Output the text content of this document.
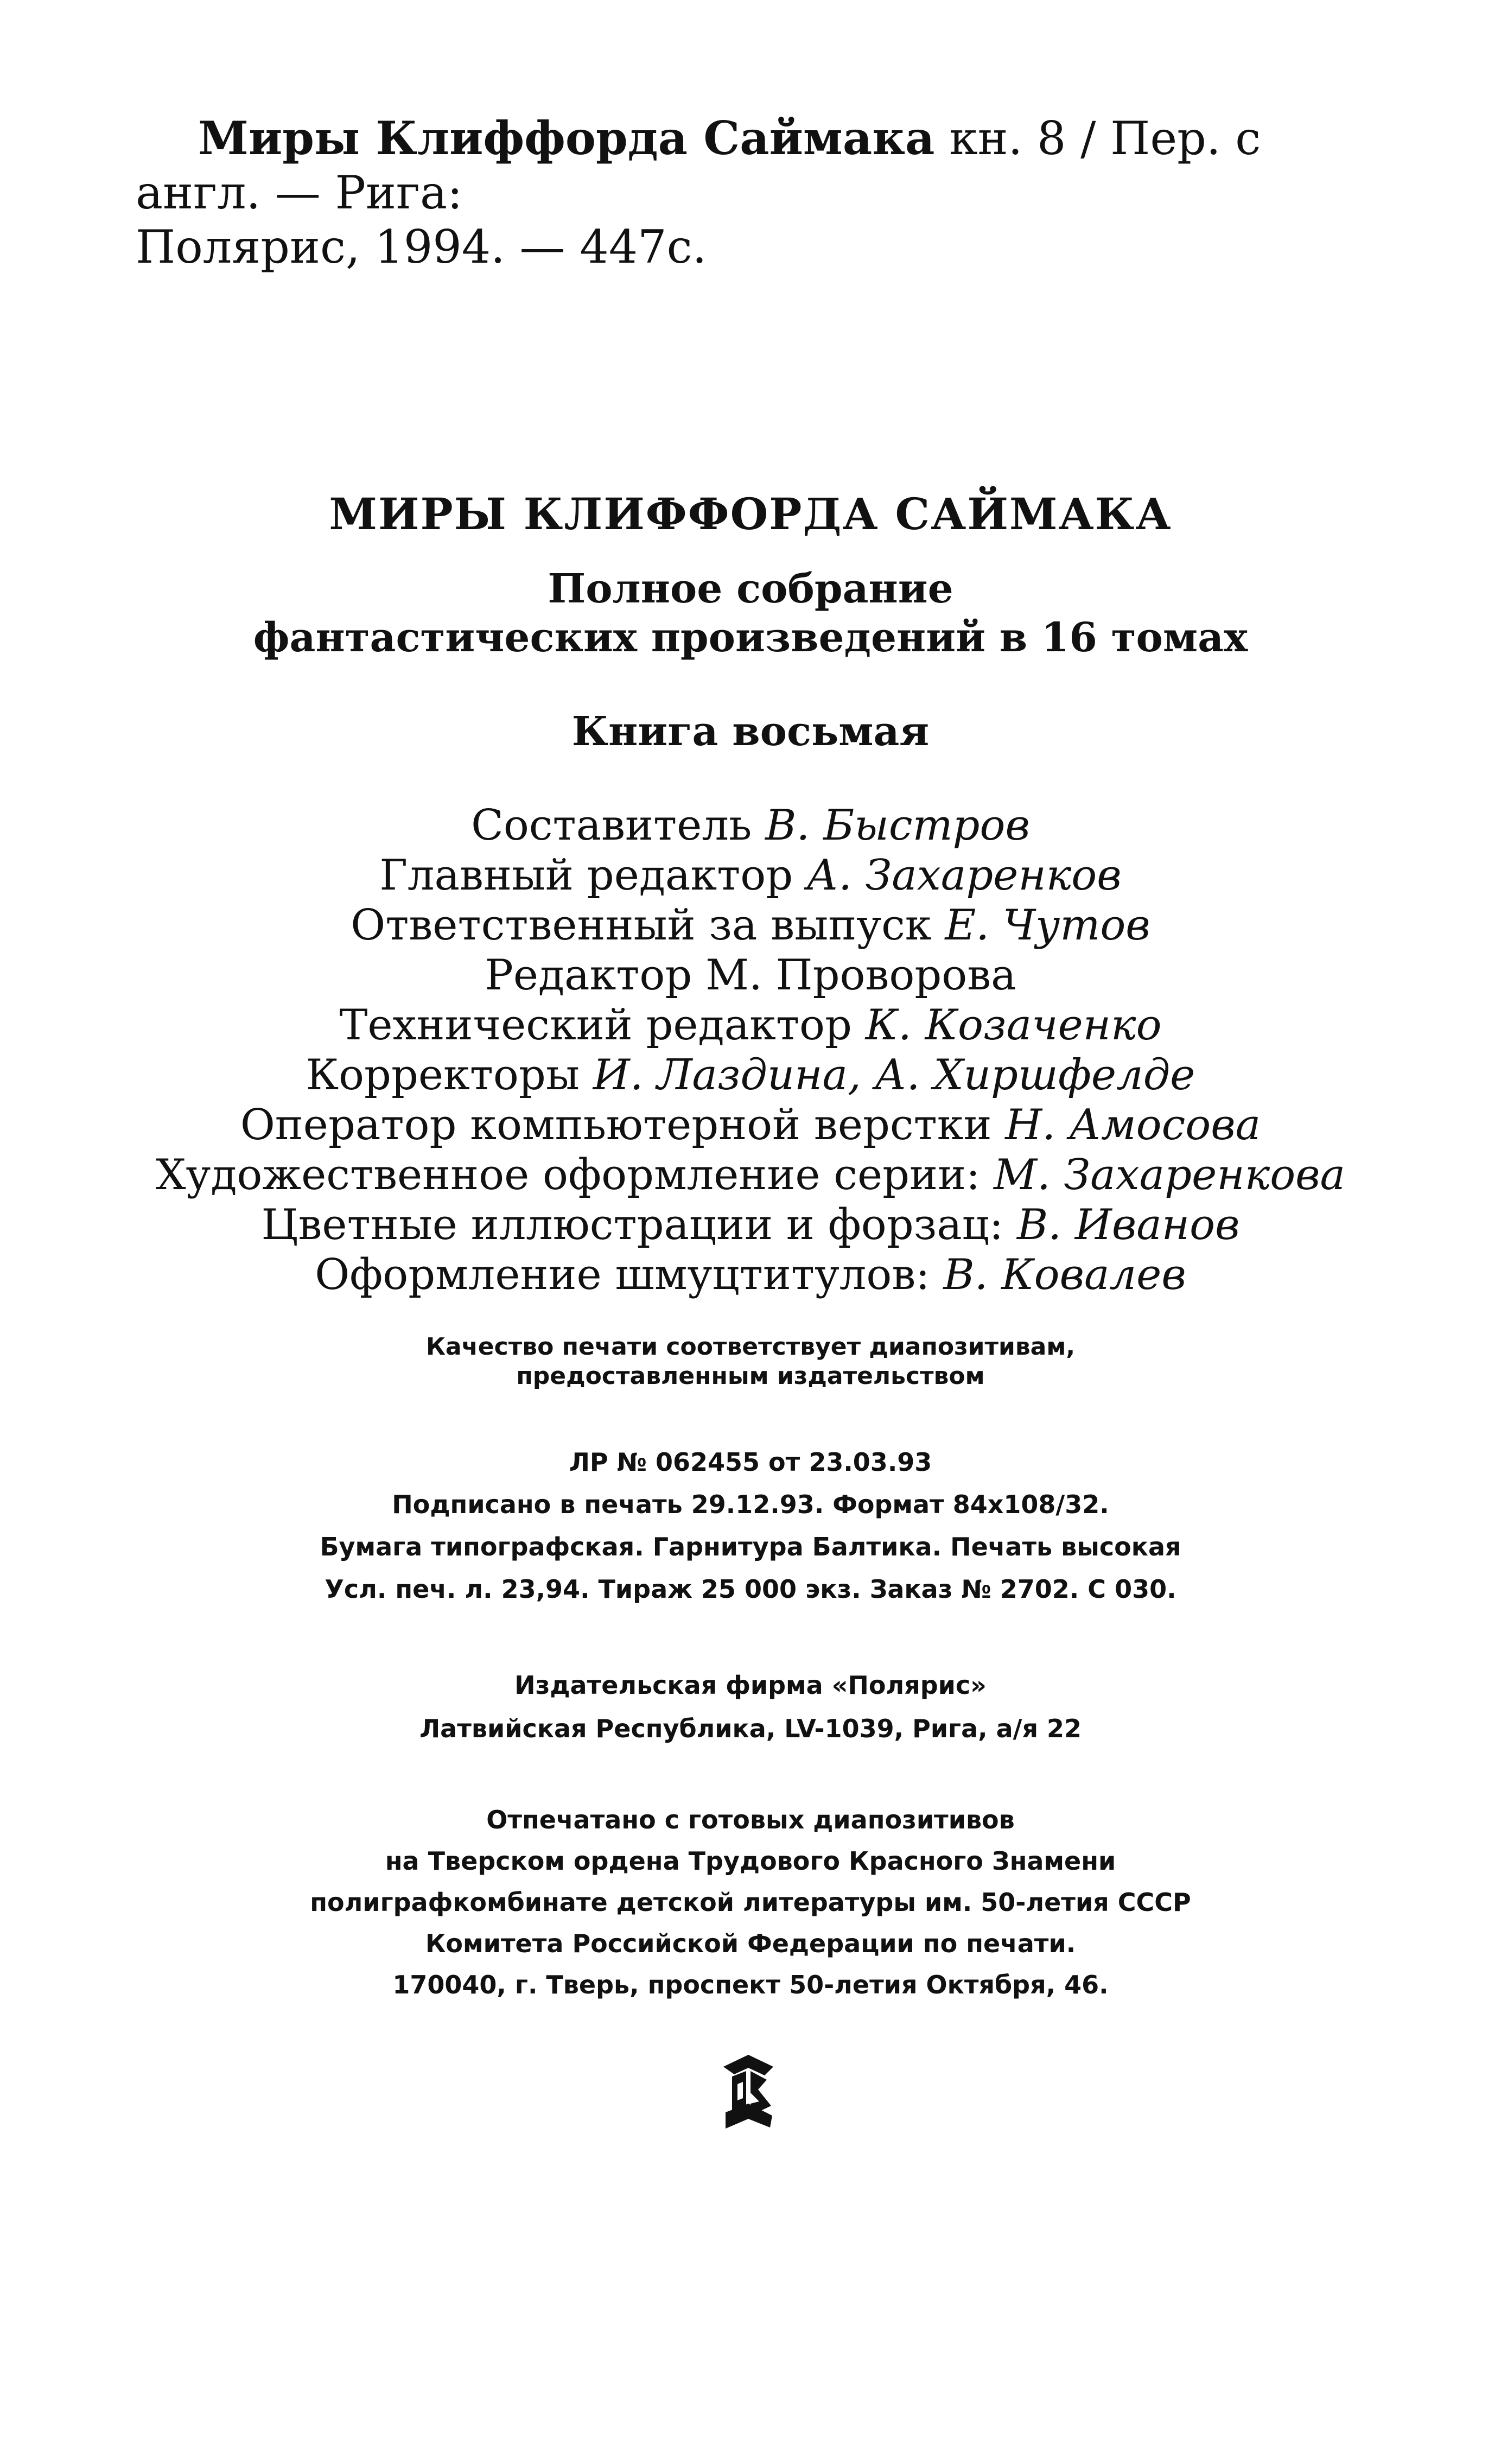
Миры Клиффорда Саймака кн. 8 / Пер. с англ. — Рига:
Полярис, 1994. — 447с.
МИРЫ КЛИФФОРДА САЙМАКА
Полное собрание
фантастических произведений в 16 томах
Книга восьмая
Составитель В. Быстров
Главный редактор А. Захаренков
Ответственный за выпуск Е. Чутов
Редактор М. Проворова
Технический редактор К. Козаченко
Корректоры И. Лаздина, А. Хиршфелде
Оператор компьютерной верстки Н. Амосова
Художественное оформление серии: М. Захаренкова
Цветные иллюстрации и форзац: В. Иванов
Оформление шмуцтитулов: В. Ковалев
Качество печати соответствует диапозитивам,
предоставленным издательством
ЛР № 062455 от 23.03.93
Подписано в печать 29.12.93. Формат 84х108/32.
Бумага типографская. Гарнитура Балтика. Печать высокая
Усл. печ. л. 23,94. Тираж 25 000 экз. Заказ № 2702. С 030.
Издательская фирма «Полярис»
Латвийская Республика, LV-1039, Рига, а/я 22
Отпечатано с готовых диапозитивов
на Тверском ордена Трудового Красного Знамени
полиграфкомбинате детской литературы им. 50-летия СССР
Комитета Российской Федерации по печати.
170040, г. Тверь, проспект 50-летия Октября, 46.
